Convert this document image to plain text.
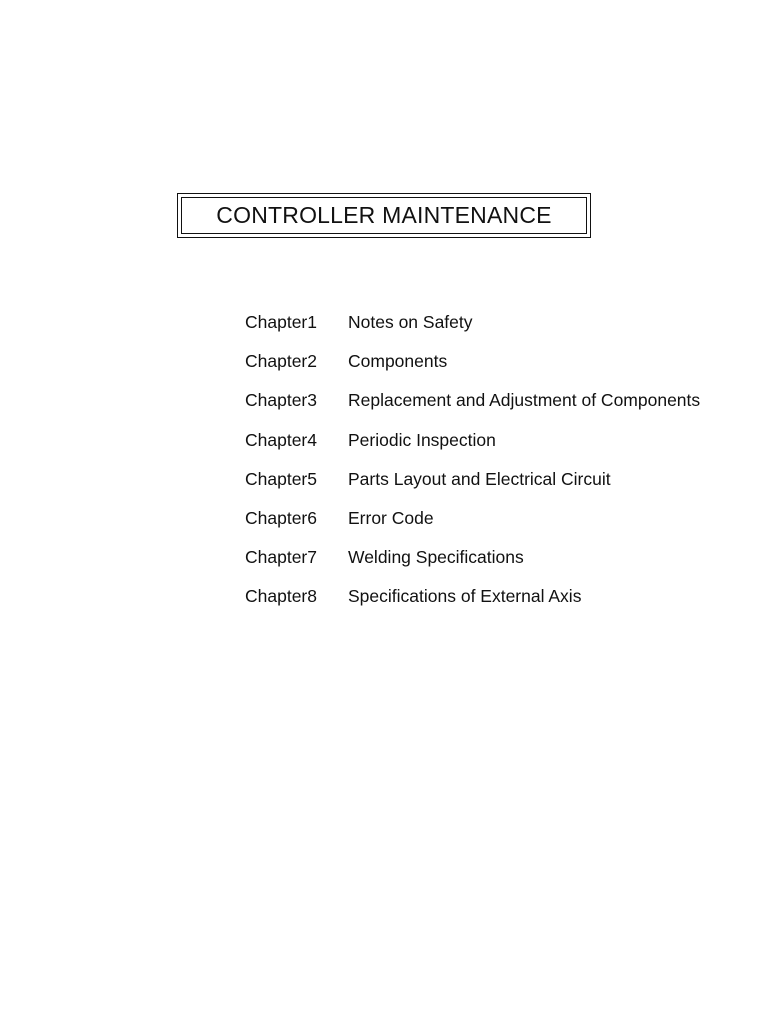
CONTROLLER MAINTENANCE
Chapter1	Notes on Safety
Chapter2	Components
Chapter3	Replacement and Adjustment of Components
Chapter4	Periodic Inspection
Chapter5	Parts Layout and Electrical Circuit
Chapter6	Error Code
Chapter7	Welding Specifications
Chapter8	Specifications of External Axis
